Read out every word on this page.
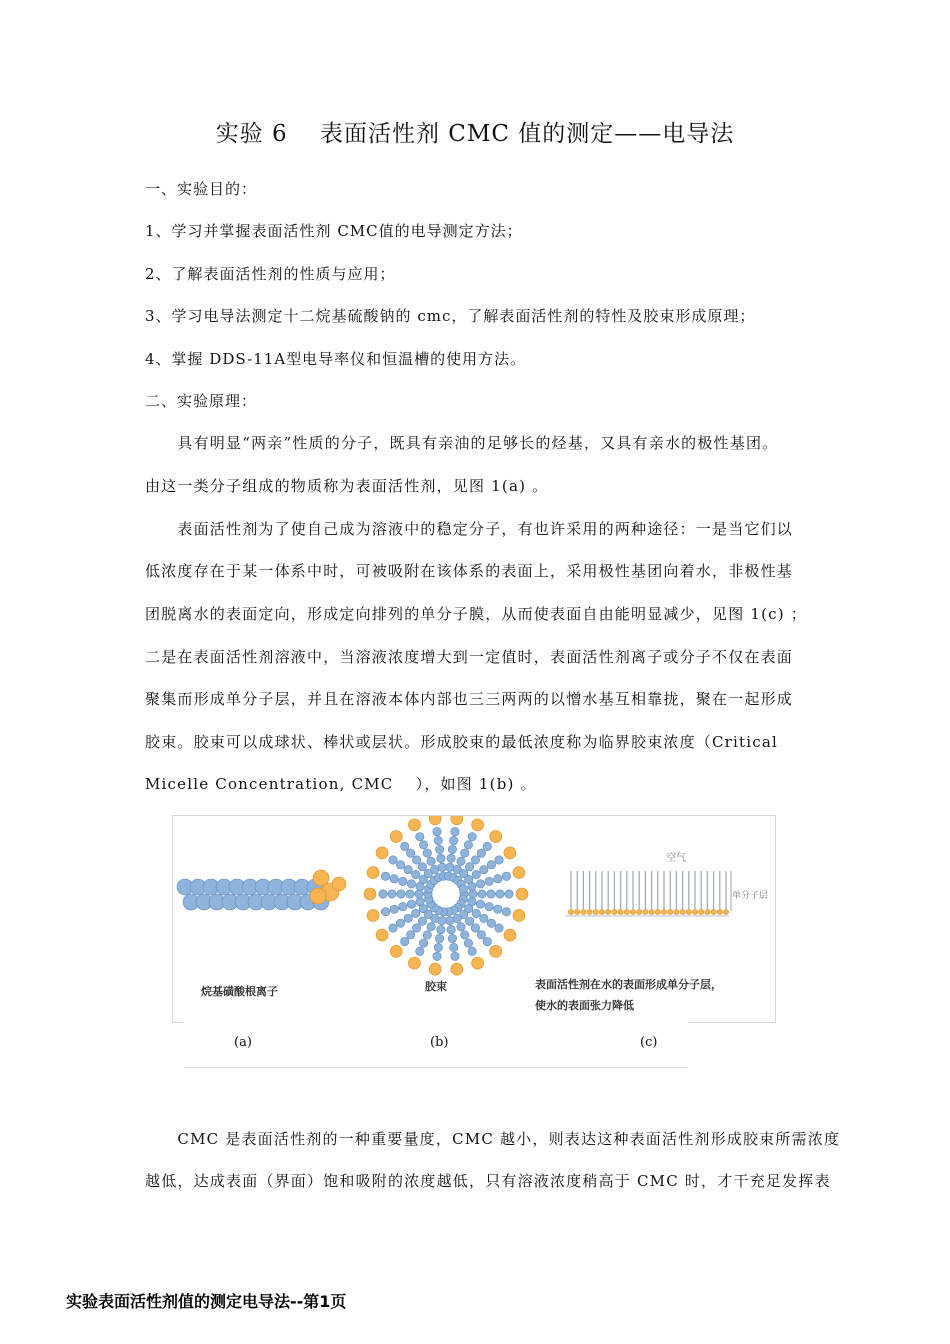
实验 6　 表面活性剂 CMC 值的测定——电导法
一、实验目的：
1、学习并掌握表面活性剂 CMC值的电导测定方法；
2、了解表面活性剂的性质与应用；
3、学习电导法测定十二烷基硫酸钠的 cmc，了解表面活性剂的特性及胶束形成原理；
4、掌握 DDS-11A型电导率仪和恒温槽的使用方法。
二、实验原理：
　　具有明显“两亲”性质的分子，既具有亲油的足够长的烃基，又具有亲水的极性基团。
由这一类分子组成的物质称为表面活性剂，见图 1(a) 。
　　表面活性剂为了使自己成为溶液中的稳定分子，有也许采用的两种途径：一是当它们以
低浓度存在于某一体系中时，可被吸附在该体系的表面上，采用极性基团向着水，非极性基
团脱离水的表面定向，形成定向排列的单分子膜，从而使表面自由能明显减少，见图 1(c) ；
二是在表面活性剂溶液中，当溶液浓度增大到一定值时，表面活性剂离子或分子不仅在表面
聚集而形成单分子层，并且在溶液本体内部也三三两两的以憎水基互相靠拢，聚在一起形成
胶束。胶束可以成球状、棒状或层状。形成胶束的最低浓度称为临界胶束浓度（Critical
Micelle Concentration, CMC　 ），如图 1(b) 。
烷基磺酸根离子	胶束	表面活性剂在水的表面形成单分子层，
使水的表面张力降低
空气
单分子层
(a)	(b)	(c)
　　CMC 是表面活性剂的一种重要量度，CMC 越小，则表达这种表面活性剂形成胶束所需浓度
越低，达成表面（界面）饱和吸附的浓度越低，只有溶液浓度稍高于 CMC 时，才干充足发挥表
实验表面活性剂值的测定电导法--第1页
